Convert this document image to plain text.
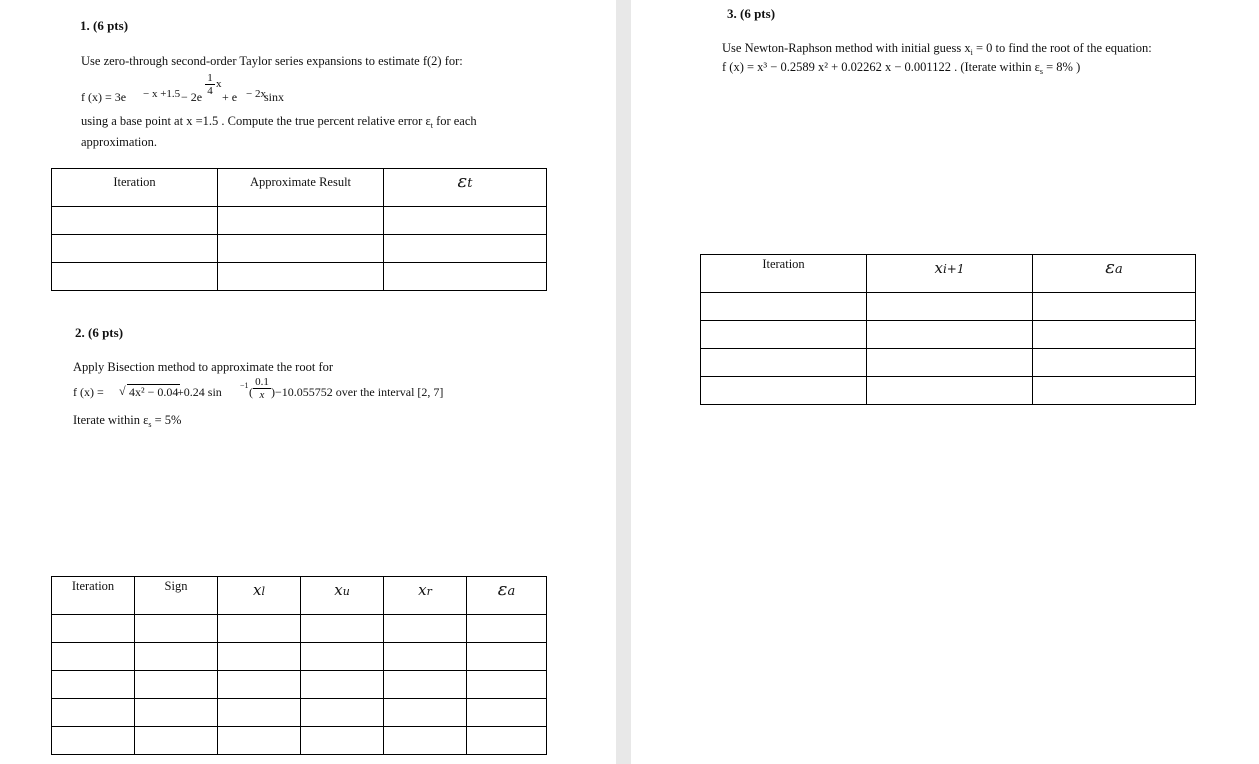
1. (6 pts)
Use zero-through second-order Taylor series expansions to estimate f(2) for:
f $(x) = 3e - x +1.5 - 2e \frac{1}{4}$ x
+ e − 2x
sinx
using a base point at x =1.5 . Compute the true percent relative error $\varepsilon_t$ for each
approximation.
Iteration	Approximate Result	εt

2. (6 pts)
Apply Bisection method to approximate the root for
f (x) = √ 4x² − 0.04
+0.24 sin −1 ( $\frac{0.1}{x}$ ) −10.055752 over the interval [2, 7]
Iterate within $\varepsilon_s = 5\%$
Iteration	Sign	xl	xu	xr	εa

3. (6 pts)
Use Newton-Raphson method with initial guess $x_i = 0$ to find the root of the equation:
f (x) = x³ − 0.2589 x² + 0.02262 x − 0.001122 . (Iterate within $\varepsilon_s = 8\%$ )
Iteration	xi+1	εa
